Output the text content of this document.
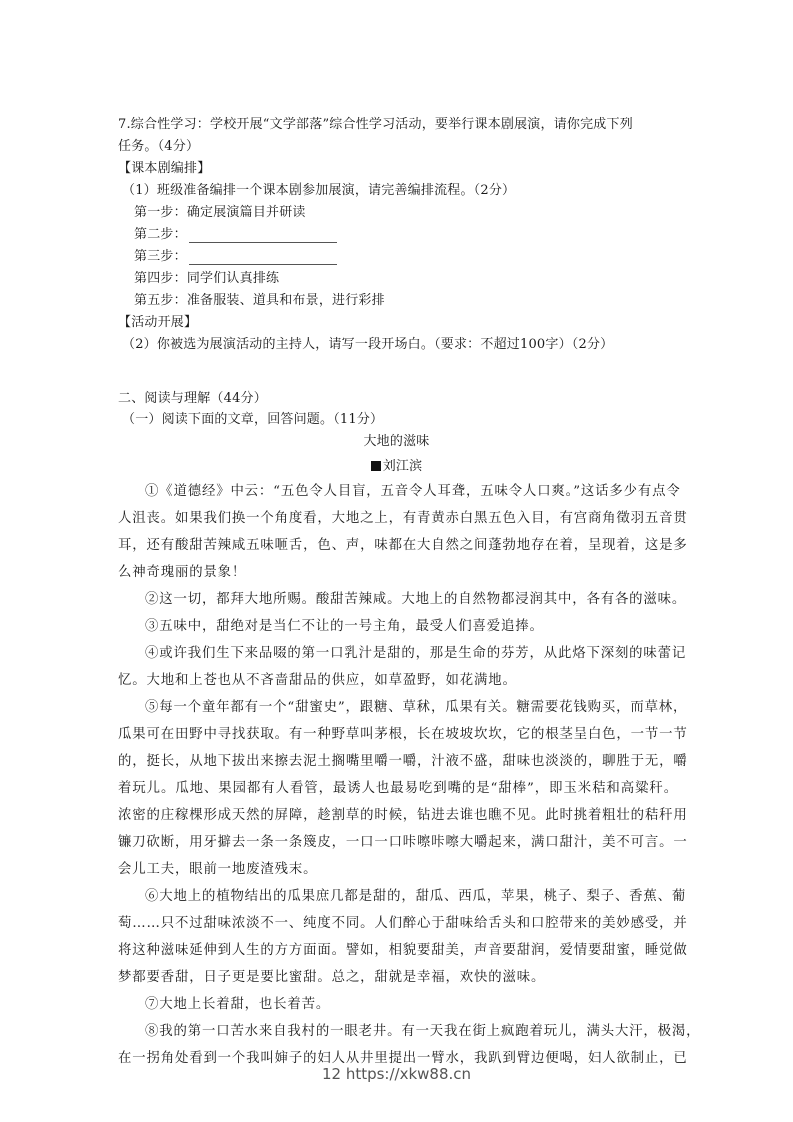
7.综合性学习：学校开展“文学部落”综合性学习活动，要举行课本剧展演，请你完成下列
任务。（4分）
【课本剧编排】
（1）班级准备编排一个课本剧参加展演，请完善编排流程。（2分）
第一步：确定展演篇目并研读
第二步：
第三步：
第四步：同学们认真排练
第五步：准备服装、道具和布景，进行彩排
【活动开展】
（2）你被选为展演活动的主持人，请写一段开场白。（要求：不超过100字）（2分）
二、阅读与理解（44分）
（一）阅读下面的文章，回答问题。（11分）
大地的滋味
刘江滨
①《道德经》中云：“五色令人目盲，五音令人耳聋，五味令人口爽。”这话多少有点令
人沮丧。如果我们换一个角度看，大地之上，有青黄赤白黑五色入目，有宫商角徵羽五音贯
耳，还有酸甜苦辣咸五味咂舌，色、声，味都在大自然之间蓬勃地存在着，呈现着，这是多
么神奇瑰丽的景象！
②这一切，都拜大地所赐。酸甜苦辣咸。大地上的自然物都浸润其中，各有各的滋味。
③五味中，甜绝对是当仁不让的一号主角，最受人们喜爱追捧。
④或许我们生下来品啜的第一口乳汁是甜的，那是生命的芬芳，从此烙下深刻的味蕾记
忆。大地和上苍也从不吝啬甜品的供应，如草盈野，如花满地。
⑤每一个童年都有一个“甜蜜史”，跟糖、草秫，瓜果有关。糖需要花钱购买，而草林，
瓜果可在田野中寻找获取。有一种野草叫茅根，长在坡坡坎坎，它的根茎呈白色，一节一节
的，挺长，从地下拔出来擦去泥土搁嘴里嚼一嚼，汁液不盛，甜味也淡淡的，聊胜于无，嚼
着玩儿。瓜地、果园都有人看管，最诱人也最易吃到嘴的是“甜棒”，即玉米秸和高粱秆。
浓密的庄稼棵形成天然的屏障，趁割草的时候，钻进去谁也瞧不见。此时挑着粗壮的秸秆用
镰刀砍断，用牙擗去一条一条篾皮，一口一口咔嚓咔嚓大嚼起来，满口甜汁，美不可言。一
会儿工夫，眼前一地废渣残末。
⑥大地上的植物结出的瓜果庶几都是甜的，甜瓜、西瓜，苹果，桃子、梨子、香蕉、葡
萄……只不过甜味浓淡不一、纯度不同。人们醉心于甜味给舌头和口腔带来的美妙感受，并
将这种滋味延伸到人生的方方面面。譬如，相貌要甜美，声音要甜润，爱情要甜蜜，睡觉做
梦都要香甜，日子更是要比蜜甜。总之，甜就是幸福，欢快的滋味。
⑦大地上长着甜，也长着苦。
⑧我的第一口苦水来自我村的一眼老井。有一天我在街上疯跑着玩儿，满头大汗，极渴，
在一拐角处看到一个我叫婶子的妇人从井里提出一臂水，我趴到臂边便喝，妇人欲制止，已
12 https://xkw88.cn
